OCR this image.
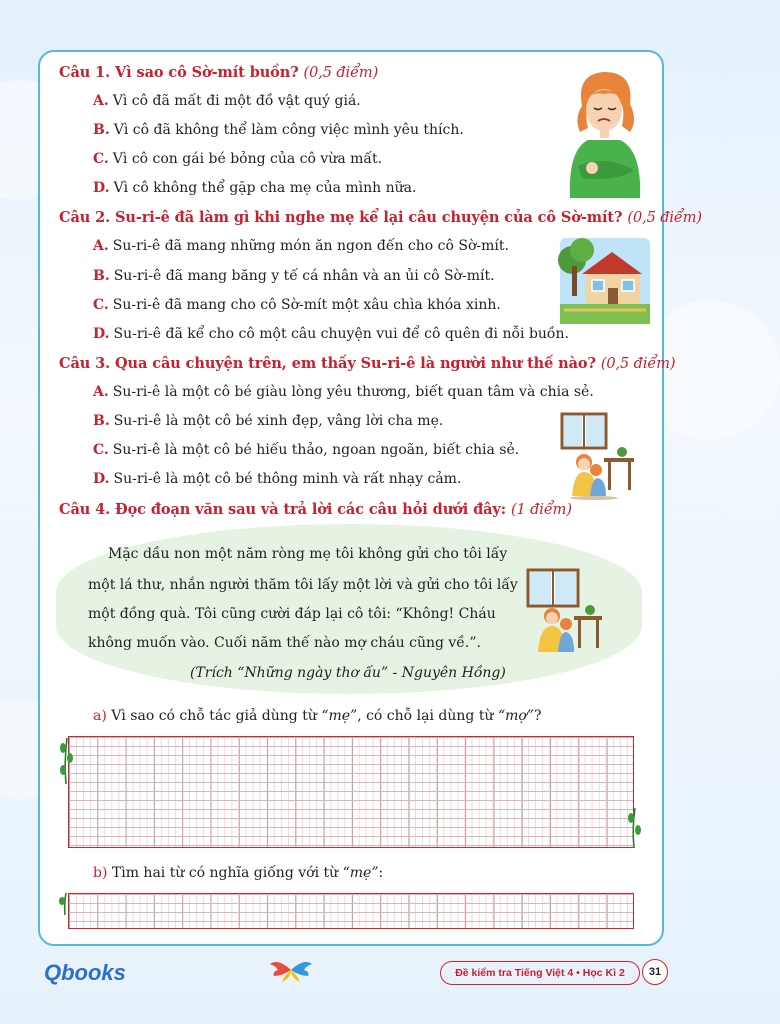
Câu 1. Vì sao cô Sờ-mít buồn? (0,5 điểm)
A. Vì cô đã mất đi một đồ vật quý giá.
B. Vì cô đã không thể làm công việc mình yêu thích.
C. Vì cô con gái bé bỏng của cô vừa mất.
D. Vì cô không thể gặp cha mẹ của mình nữa.
Câu 2. Su-ri-ê đã làm gì khi nghe mẹ kể lại câu chuyện của cô Sờ-mít? (0,5 điểm)
A. Su-ri-ê đã mang những món ăn ngon đến cho cô Sờ-mít.
B. Su-ri-ê đã mang băng y tế cá nhân và an ủi cô Sờ-mít.
C. Su-ri-ê đã mang cho cô Sờ-mít một xâu chìa khóa xinh.
D. Su-ri-ê đã kể cho cô một câu chuyện vui để cô quên đi nỗi buồn.
Câu 3. Qua câu chuyện trên, em thấy Su-ri-ê là người như thế nào? (0,5 điểm)
A. Su-ri-ê là một cô bé giàu lòng yêu thương, biết quan tâm và chia sẻ.
B. Su-ri-ê là một cô bé xinh đẹp, vâng lời cha mẹ.
C. Su-ri-ê là một cô bé hiếu thảo, ngoan ngoãn, biết chia sẻ.
D. Su-ri-ê là một cô bé thông minh và rất nhạy cảm.
Câu 4. Đọc đoạn văn sau và trả lời các câu hỏi dưới đây: (1 điểm)
Mặc dầu non một năm ròng mẹ tôi không gửi cho tôi lấy
một lá thư, nhắn người thăm tôi lấy một lời và gửi cho tôi lấy
một đồng quà. Tôi cũng cười đáp lại cô tôi: “Không! Cháu
không muốn vào. Cuối năm thế nào mợ cháu cũng về.”.
(Trích “Những ngày thơ ấu” - Nguyên Hồng)
a) Vì sao có chỗ tác giả dùng từ “mẹ”, có chỗ lại dùng từ “mợ”?
b) Tìm hai từ có nghĩa giống với từ “mẹ”:
Qbooks	Đề kiểm tra Tiếng Việt 4 • Học Kì 2	31
